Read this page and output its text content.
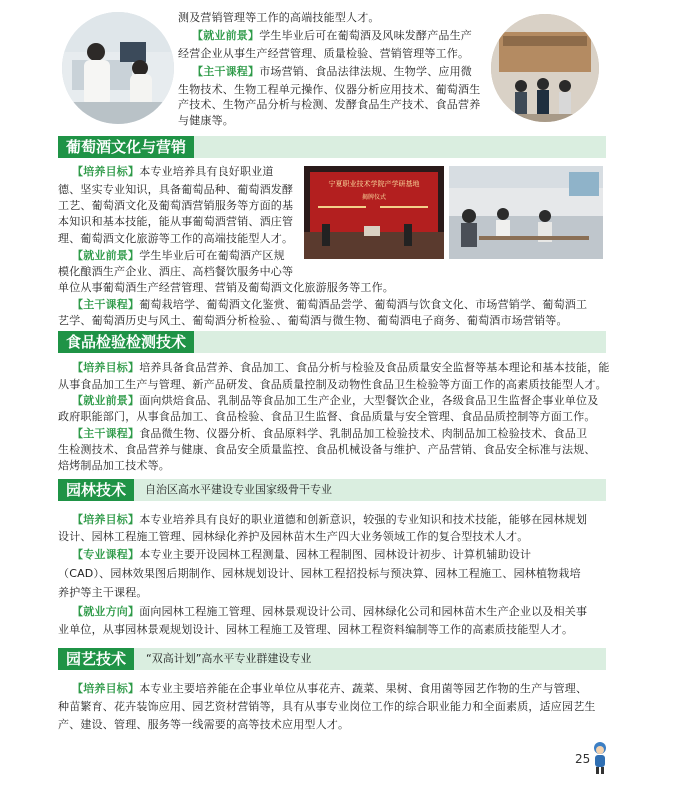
测及营销管理等工作的高端技能型人才。

【就业前景】学生毕业后可在葡萄酒及风味发酵产品生产

经营企业从事生产经营管理、质量检验、营销管理等工作。

【主干课程】市场营销、食品法律法规、生物学、应用微

生物技术、生物工程单元操作、仪器分析应用技术、葡萄酒生

产技术、生物产品分析与检测、发酵食品生产技术、食品营养

与健康等。

葡萄酒文化与营销
宁夏职业技术学院产学研基地
揭牌仪式

【培养目标】本专业培养具有良好职业道

德、坚实专业知识，具备葡萄品种、葡萄酒发酵

工艺、葡萄酒文化及葡萄酒营销服务等方面的基

本知识和基本技能，能从事葡萄酒营销、酒庄管

理、葡萄酒文化旅游等工作的高端技能型人才。

【就业前景】学生毕业后可在葡萄酒产区规

模化酿酒生产企业、酒庄、高档餐饮服务中心等

单位从事葡萄酒生产经营管理、营销及葡萄酒文化旅游服务等工作。

【主干课程】葡萄栽培学、葡萄酒文化鉴赏、葡萄酒品尝学、葡萄酒与饮食文化、市场营销学、葡萄酒工

艺学、葡萄酒历史与风土、葡萄酒分析检验、、葡萄酒与微生物、葡萄酒电子商务、葡萄酒市场营销等。

食品检验检测技术

【培养目标】培养具备食品营养、食品加工、食品分析与检验及食品质量安全监督等基本理论和基本技能，能

从事食品加工生产与管理、新产品研发、食品质量控制及动物性食品卫生检验等方面工作的高素质技能型人才。

【就业前景】面向烘焙食品、乳制品等食品加工生产企业，大型餐饮企业，各级食品卫生监督企事业单位及

政府职能部门，从事食品加工、食品检验、食品卫生监督、食品质量与安全管理、食品品质控制等方面工作。

【主干课程】食品微生物、仪器分析、食品原料学、乳制品加工检验技术、肉制品加工检验技术、食品卫

生检测技术、食品营养与健康、食品安全质量监控、食品机械设备与维护、产品营销、食品安全标准与法规、

焙烤制品加工技术等。

园林技术	自治区高水平建设专业国家级骨干专业

【培养目标】本专业培养具有良好的职业道德和创新意识，较强的专业知识和技术技能，能够在园林规划

设计、园林工程施工管理、园林绿化养护及园林苗木生产四大业务领域工作的复合型技术人才。

【专业课程】本专业主要开设园林工程测量、园林工程制图、园林设计初步、计算机辅助设计

（CAD）、园林效果图后期制作、园林规划设计、园林工程招投标与预决算、园林工程施工、园林植物栽培

养护等主干课程。

【就业方向】面向园林工程施工管理、园林景观设计公司、园林绿化公司和园林苗木生产企业以及相关事

业单位，从事园林景观规划设计、园林工程施工及管理、园林工程资料编制等工作的高素质技能型人才。

园艺技术	“双高计划”高水平专业群建设专业

【培养目标】本专业主要培养能在企事业单位从事花卉、蔬菜、果树、食用菌等园艺作物的生产与管理、

种苗繁育、花卉装饰应用、园艺资材营销等，具有从事专业岗位工作的综合职业能力和全面素质，适应园艺生

产、建设、管理、服务等一线需要的高等技术应用型人才。

25
